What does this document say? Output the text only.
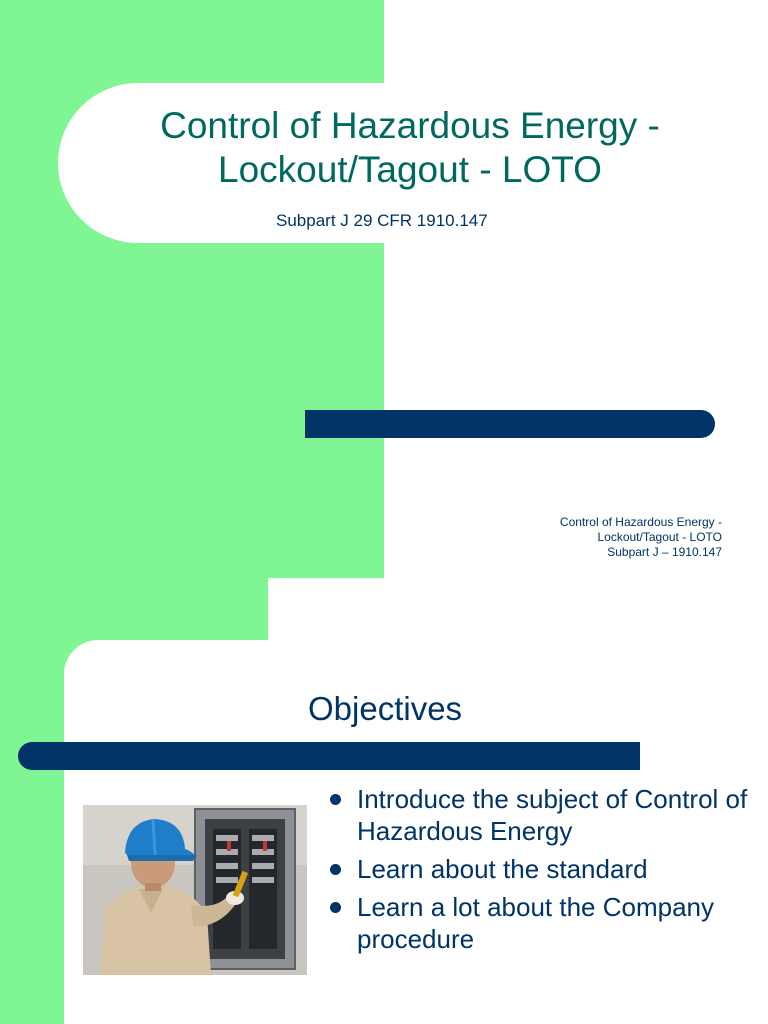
Control of Hazardous Energy -
Lockout/Tagout - LOTO
Subpart J 29 CFR 1910.147
Control of Hazardous Energy -
Lockout/Tagout - LOTO
Subpart J – 1910.147
Objectives
Introduce the subject of Control of Hazardous Energy
Learn about the standard
Learn a lot about the Company procedure
